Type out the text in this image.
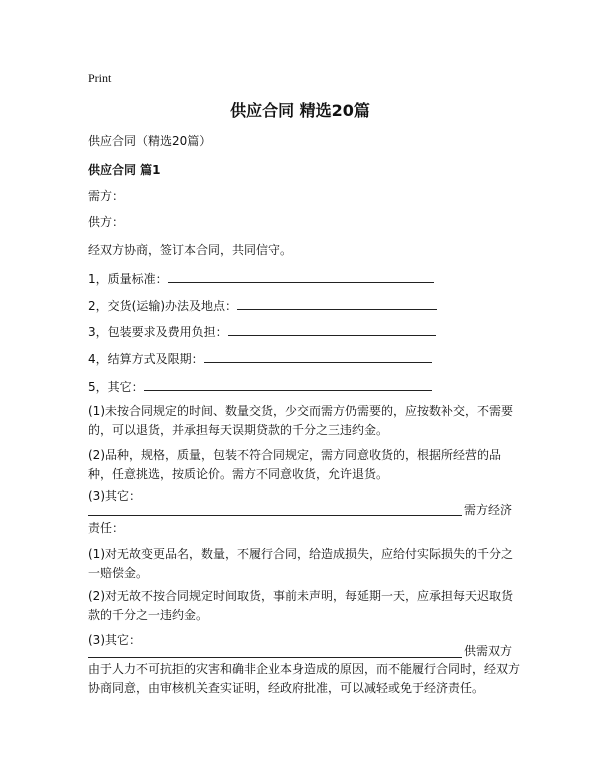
Print
供应合同 精选20篇
供应合同（精选20篇）
供应合同 篇1
需方：
供方：
经双方协商，签订本合同，共同信守。
1，质量标准：
2，交货(运输)办法及地点：
3，包装要求及费用负担：
4，结算方式及限期：
5，其它：
(1)未按合同规定的时间、数量交货，少交而需方仍需要的，应按数补交，不需要的，可以退货，并承担每天误期贷款的千分之三违约金。
(2)品种，规格，质量，包装不符合同规定，需方同意收货的，根据所经营的品种，任意挑选，按质论价。需方不同意收货，允许退货。
(3)其它：
需方经济
责任：
(1)对无故变更品名，数量，不履行合同，给造成损失，应给付实际损失的千分之一赔偿金。
(2)对无故不按合同规定时间取货，事前未声明，每延期一天，应承担每天迟取货款的千分之一违约金。
(3)其它：
供需双方
由于人力不可抗拒的灾害和确非企业本身造成的原因，而不能履行合同时，经双方协商同意，由审核机关查实证明，经政府批准，可以减轻或免于经济责任。
